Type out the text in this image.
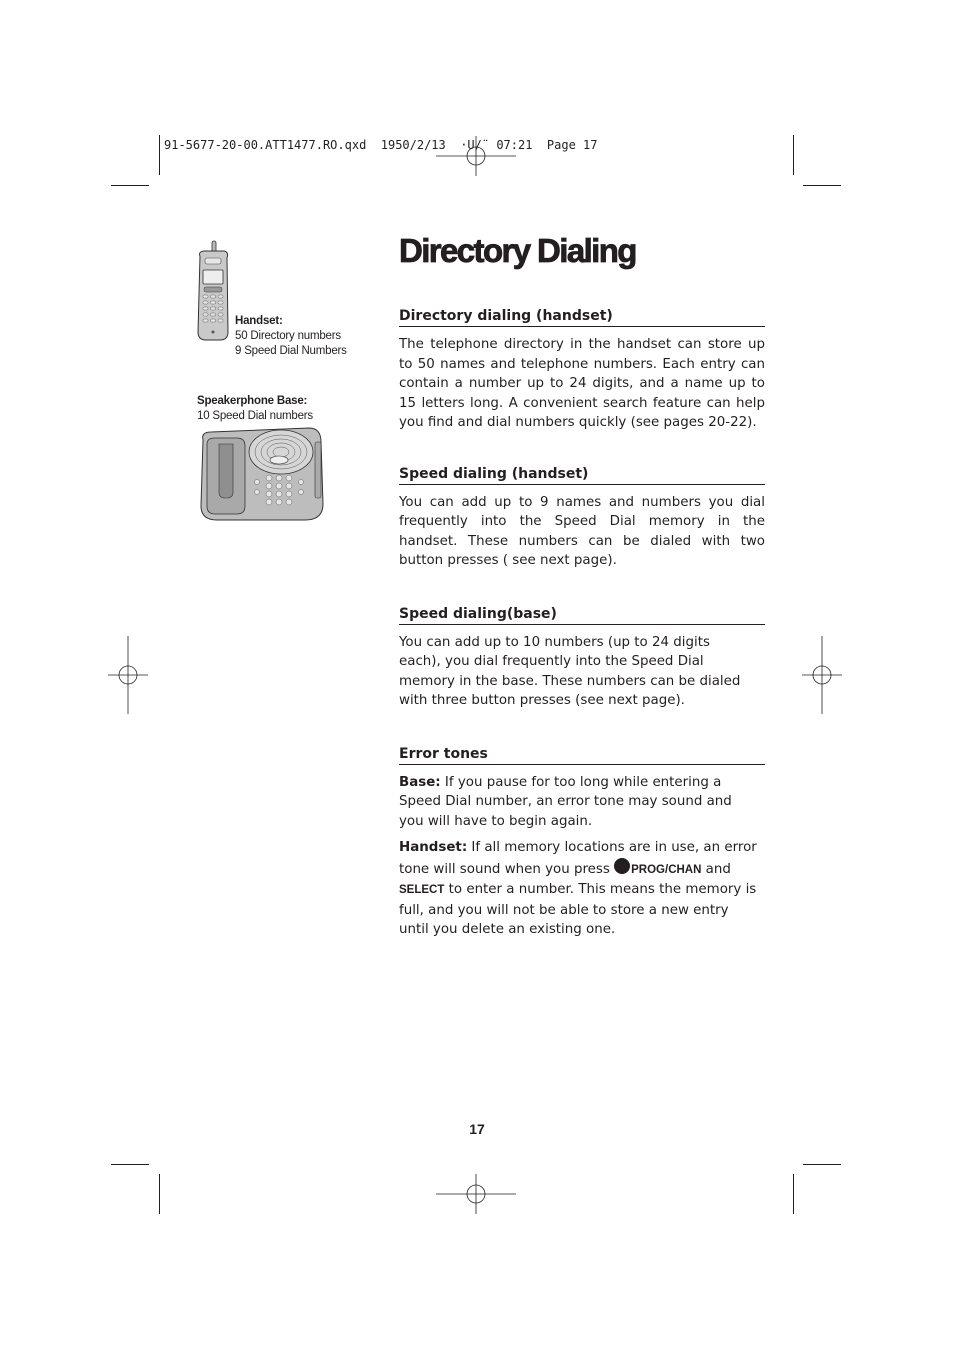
91-5677-20-00.ATT1477.RO.qxd  1950/2/13  ·U/¨ 07:21  Page 17
Handset:
50 Directory numbers
9 Speed Dial Numbers
Speakerphone Base:
10 Speed Dial numbers
Directory Dialing
Directory dialing (handset)

The telephone directory in the handset can store up to 50 names and telephone numbers. Each entry can contain a number up to 24 digits, and a name up to 15 letters long. A convenient search feature can help you find and dial numbers quickly (see pages 20-22).

Speed dialing (handset)

You can add up to 9 names and numbers you dial frequently into the Speed Dial memory in the handset. These numbers can be dialed with two button presses ( see next page).

Speed dialing(base)

You can add up to 10 numbers (up to 24 digits each), you dial frequently into the Speed Dial memory in the base. These numbers can be dialed with three button presses (see next page).

Error tones

Base: If you pause for too long while entering a Speed Dial number, an error tone may sound and you will have to begin again.

Handset: If all memory locations are in use, an error tone will sound when you press PROG/CHAN and SELECT to enter a number. This means the memory is full, and you will not be able to store a new entry until you delete an existing one.

17
